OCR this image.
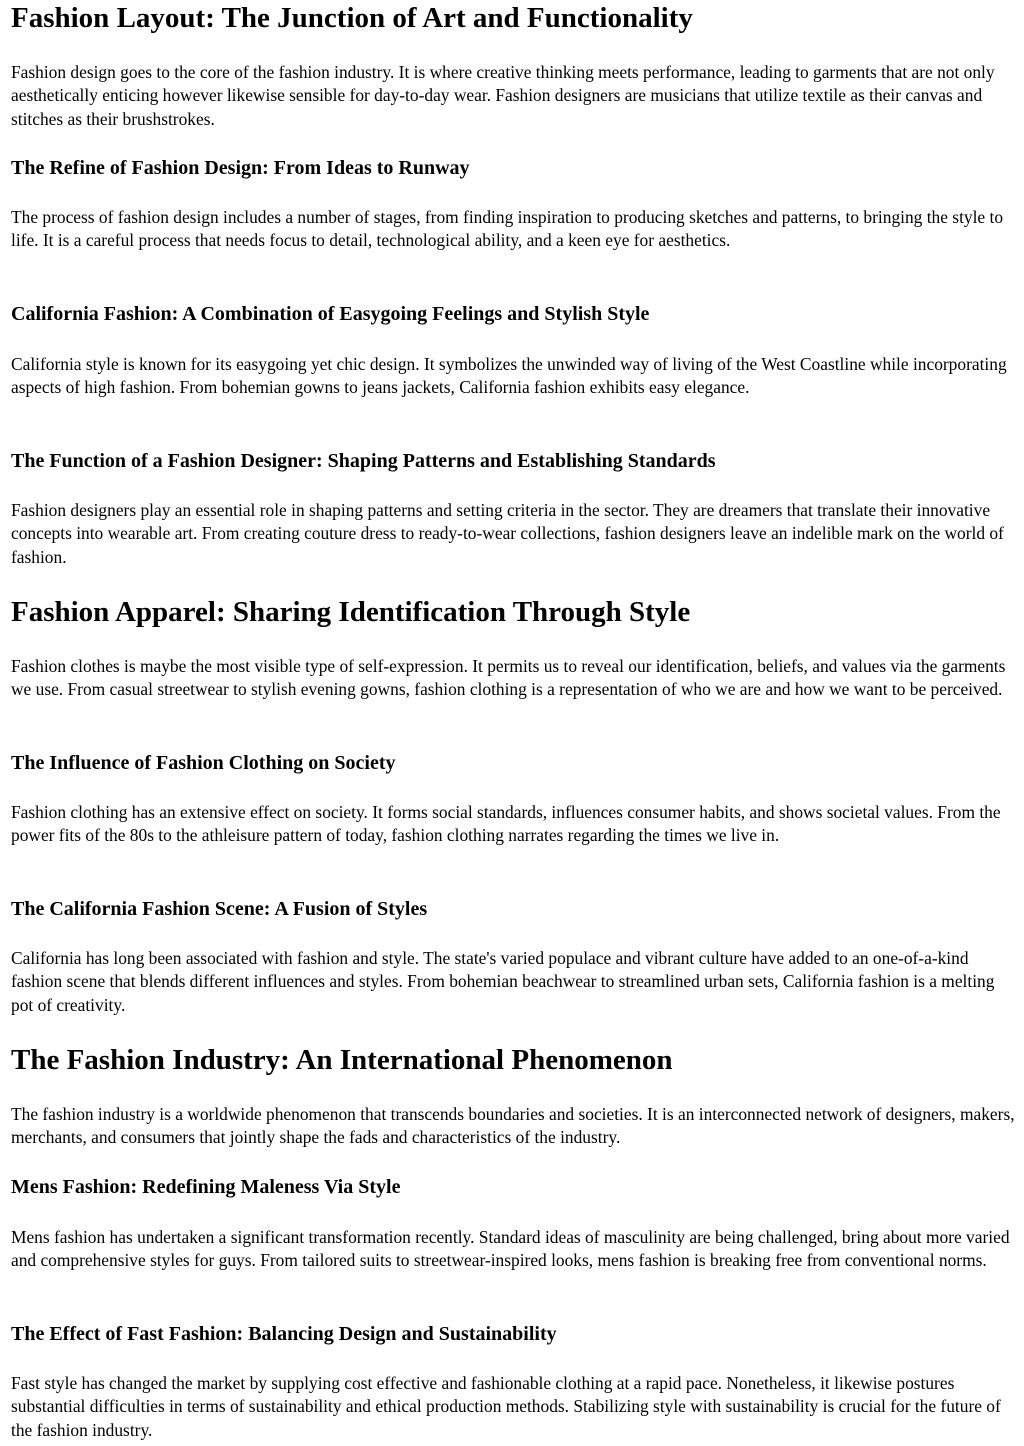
Fashion Layout: The Junction of Art and Functionality

Fashion design goes to the core of the fashion industry. It is where creative thinking meets performance, leading to garments that are not only aesthetically enticing however likewise sensible for day-to-day wear. Fashion designers are musicians that utilize textile as their canvas and stitches as their brushstrokes.

The Refine of Fashion Design: From Ideas to Runway

The process of fashion design includes a number of stages, from finding inspiration to producing sketches and patterns, to bringing the style to life. It is a careful process that needs focus to detail, technological ability, and a keen eye for aesthetics.

California Fashion: A Combination of Easygoing Feelings and Stylish Style

California style is known for its easygoing yet chic design. It symbolizes the unwinded way of living of the West Coastline while incorporating aspects of high fashion. From bohemian gowns to jeans jackets, California fashion exhibits easy elegance.

The Function of a Fashion Designer: Shaping Patterns and Establishing Standards

Fashion designers play an essential role in shaping patterns and setting criteria in the sector. They are dreamers that translate their innovative concepts into wearable art. From creating couture dress to ready-to-wear collections, fashion designers leave an indelible mark on the world of fashion.

Fashion Apparel: Sharing Identification Through Style

Fashion clothes is maybe the most visible type of self-expression. It permits us to reveal our identification, beliefs, and values via the garments we use. From casual streetwear to stylish evening gowns, fashion clothing is a representation of who we are and how we want to be perceived.

The Influence of Fashion Clothing on Society

Fashion clothing has an extensive effect on society. It forms social standards, influences consumer habits, and shows societal values. From the power fits of the 80s to the athleisure pattern of today, fashion clothing narrates regarding the times we live in.

The California Fashion Scene: A Fusion of Styles

California has long been associated with fashion and style. The state's varied populace and vibrant culture have added to an one-of-a-kind fashion scene that blends different influences and styles. From bohemian beachwear to streamlined urban sets, California fashion is a melting pot of creativity.

The Fashion Industry: An International Phenomenon

The fashion industry is a worldwide phenomenon that transcends boundaries and societies. It is an interconnected network of designers, makers, merchants, and consumers that jointly shape the fads and characteristics of the industry.

Mens Fashion: Redefining Maleness Via Style

Mens fashion has undertaken a significant transformation recently. Standard ideas of masculinity are being challenged, bring about more varied and comprehensive styles for guys. From tailored suits to streetwear-inspired looks, mens fashion is breaking free from conventional norms.

The Effect of Fast Fashion: Balancing Design and Sustainability

Fast style has changed the market by supplying cost effective and fashionable clothing at a rapid pace. Nonetheless, it likewise postures substantial difficulties in terms of sustainability and ethical production methods. Stabilizing style with sustainability is crucial for the future of the fashion industry.
